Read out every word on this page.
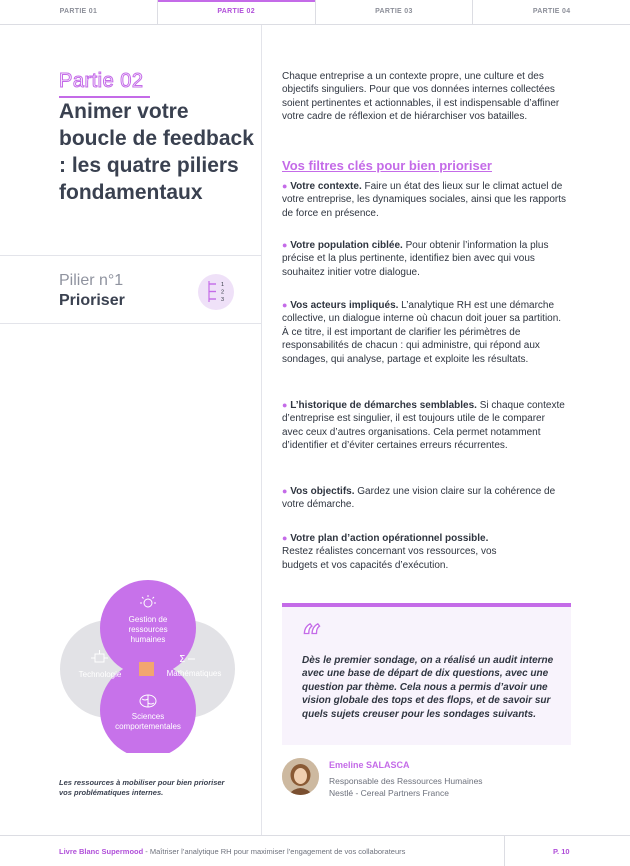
PARTIE 01	PARTIE 02	PARTIE 03	PARTIE 04
Partie 02
Animer votre boucle de feedback : les quatre piliers fondamentaux
Pilier n°1
Prioriser
1
2
3
Σ
Gestion de ressources humaines
Technologie	Mathématiques
Sciences comportementales
Les ressources à mobiliser pour bien prioriser vos problématiques internes.

Chaque entreprise a un contexte propre, une culture et des objectifs singuliers. Pour que vos données internes collectées soient pertinentes et actionnables, il est indispensable d’affiner votre cadre de réflexion et de hiérarchiser vos batailles.

Vos filtres clés pour bien prioriser

● Votre contexte. Faire un état des lieux sur le climat actuel de votre entreprise, les dynamiques sociales, ainsi que les rapports de force en présence.

● Votre population ciblée. Pour obtenir l’information la plus précise et la plus pertinente, identifiez bien avec qui vous souhaitez initier votre dialogue.

● Vos acteurs impliqués. L’analytique RH est une démarche collective, un dialogue interne où chacun doit jouer sa partition. À ce titre, il est important de clarifier les périmètres de responsabilités de chacun : qui administre, qui répond aux sondages, qui analyse, partage et exploite les résultats.

● L’historique de démarches semblables. Si chaque contexte d’entreprise est singulier, il est toujours utile de le comparer avec ceux d’autres organisations. Cela permet notamment d’identifier et d’éviter certaines erreurs récurrentes.

● Vos objectifs. Gardez une vision claire sur la cohérence de votre démarche.

● Votre plan d’action opérationnel possible. Restez réalistes concernant vos ressources, vos budgets et vos capacités d’exécution.

“

Dès le premier sondage, on a réalisé un audit interne avec une base de départ de dix questions, avec une question par thème. Cela nous a permis d’avoir une vision globale des tops et des flops, et de savoir sur quels sujets creuser pour les sondages suivants.

Emeline SALASCA
Responsable des Ressources Humaines
Nestlé - Cereal Partners France
Livre Blanc Supermood - Maîtriser l’analytique RH pour maximiser l’engagement de vos collaborateurs	P. 10
